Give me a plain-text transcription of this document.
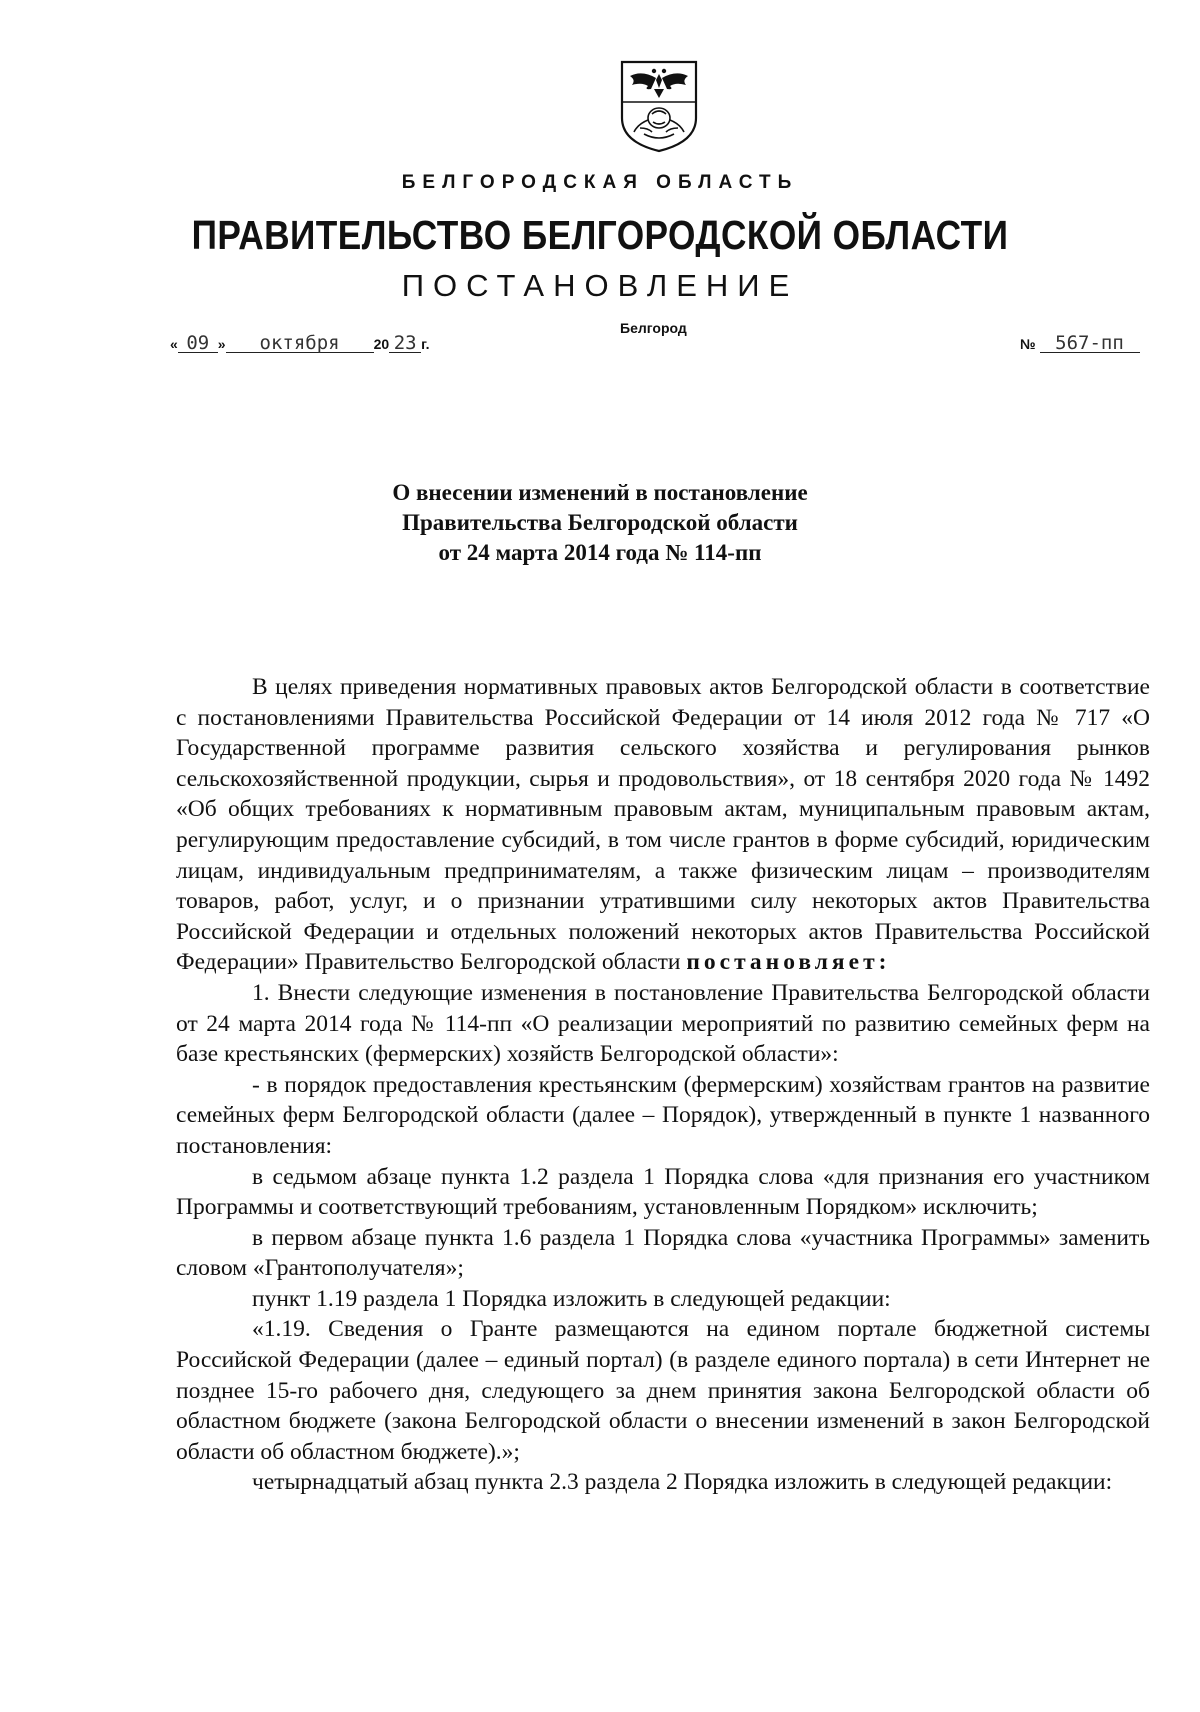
БЕЛГОРОДСКАЯ ОБЛАСТЬ
ПРАВИТЕЛЬСТВО БЕЛГОРОДСКОЙ ОБЛАСТИ
ПОСТАНОВЛЕНИЕ
Белгород
« 09 » октября 20 23 г.	№ 567-пп
О внесении изменений в постановление
Правительства Белгородской области
от 24 марта 2014 года № 114-пп

В целях приведения нормативных правовых актов Белгородской области в соответствие с постановлениями Правительства Российской Федерации от 14 июля 2012 года № 717 «О Государственной программе развития сельского хозяйства и регулирования рынков сельскохозяйственной продукции, сырья и продовольствия», от 18 сентября 2020 года № 1492 «Об общих требованиях к нормативным правовым актам, муниципальным правовым актам, регулирующим предоставление субсидий, в том числе грантов в форме субсидий, юридическим лицам, индивидуальным предпринимателям, а также физическим лицам – производителям товаров, работ, услуг, и о признании утратившими силу некоторых актов Правительства Российской Федерации и отдельных положений некоторых актов Правительства Российской Федерации» Правительство Белгородской области постановляет:

1. Внести следующие изменения в постановление Правительства Белгородской области от 24 марта 2014 года № 114-пп «О реализации мероприятий по развитию семейных ферм на базе крестьянских (фермерских) хозяйств Белгородской области»:

- в порядок предоставления крестьянским (фермерским) хозяйствам грантов на развитие семейных ферм Белгородской области (далее – Порядок), утвержденный в пункте 1 названного постановления:

в седьмом абзаце пункта 1.2 раздела 1 Порядка слова «для признания его участником Программы и соответствующий требованиям, установленным Порядком» исключить;

в первом абзаце пункта 1.6 раздела 1 Порядка слова «участника Программы» заменить словом «Грантополучателя»;

пункт 1.19 раздела 1 Порядка изложить в следующей редакции:

«1.19. Сведения о Гранте размещаются на едином портале бюджетной системы Российской Федерации (далее – единый портал) (в разделе единого портала) в сети Интернет не позднее 15-го рабочего дня, следующего за днем принятия закона Белгородской области об областном бюджете (закона Белгородской области о внесении изменений в закон Белгородской области об областном бюджете).»;

четырнадцатый абзац пункта 2.3 раздела 2 Порядка изложить в следующей редакции:
